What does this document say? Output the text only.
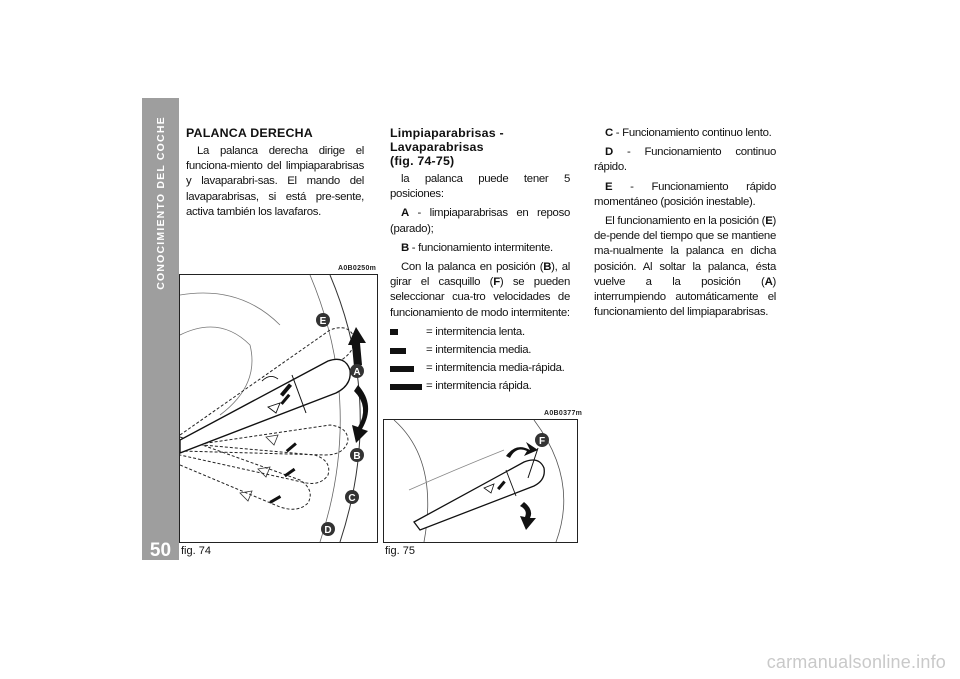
CONOCIMIENTO DEL COCHE
50
PALANCA DERECHA

La palanca derecha dirige el funciona-miento del limpiaparabrisas y lavaparabri-sas. El mando del lavaparabrisas, si está pre-sente, activa también los lavafaros.

Limpiaparabrisas - Lavaparabrisas
(fig. 74-75)

la palanca puede tener 5 posiciones:

A - limpiaparabrisas en reposo (parado);

B - funcionamiento intermitente.

Con la palanca en posición (B), al girar el casquillo (F) se pueden seleccionar cua-tro velocidades de funcionamiento de modo intermitente:

= intermitencia lenta.
= intermitencia media.
= intermitencia media-rápida.
= intermitencia rápida.

C - Funcionamiento continuo lento.

D - Funcionamiento continuo rápido.

E - Funcionamiento rápido momentáneo (posición inestable).

El funcionamiento en la posición (E) de-pende del tiempo que se mantiene ma-nualmente la palanca en dicha posición. Al soltar la palanca, ésta vuelve a la posición (A) interrumpiendo automáticamente el funcionamiento del limpiaparabrisas.

A0B0250m
E
A
B
C
D
fig. 74
A0B0377m
F
fig. 75
carmanualsonline.info
